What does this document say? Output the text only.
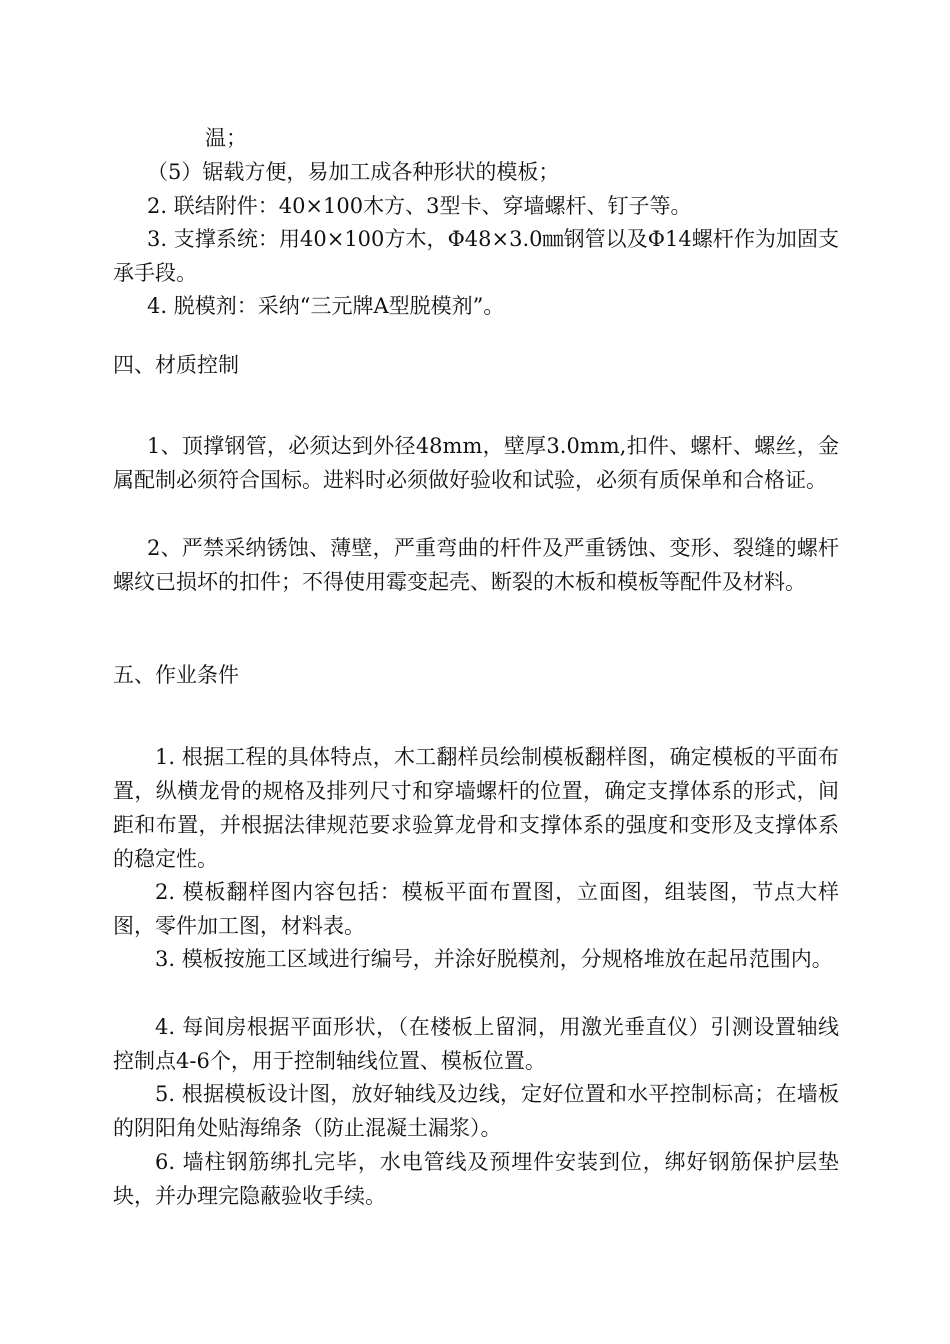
温；

（5）锯载方便，易加工成各种形状的模板；

2. 联结附件：40×100木方、3型卡、穿墙螺杆、钉子等。

3. 支撑系统：用40×100方木，Φ48×3.0㎜钢管以及Φ14螺杆作为加固支承手段。

4. 脱模剂：采纳“三元牌A型脱模剂”。

四、材质控制

1、顶撑钢管，必须达到外径48mm，壁厚3.0mm,扣件、螺杆、螺丝，金属配制必须符合国标。进料时必须做好验收和试验，必须有质保单和合格证。

2、严禁采纳锈蚀、薄壁，严重弯曲的杆件及严重锈蚀、变形、裂缝的螺杆螺纹已损坏的扣件；不得使用霉变起壳、断裂的木板和模板等配件及材料。

五、作业条件

1. 根据工程的具体特点，木工翻样员绘制模板翻样图，确定模板的平面布置，纵横龙骨的规格及排列尺寸和穿墙螺杆的位置，确定支撑体系的形式，间距和布置，并根据法律规范要求验算龙骨和支撑体系的强度和变形及支撑体系的稳定性。

2. 模板翻样图内容包括：模板平面布置图，立面图，组装图，节点大样图，零件加工图，材料表。

3. 模板按施工区域进行编号，并涂好脱模剂，分规格堆放在起吊范围内。

4. 每间房根据平面形状，（在楼板上留洞，用激光垂直仪）引测设置轴线控制点4-6个，用于控制轴线位置、模板位置。

5. 根据模板设计图，放好轴线及边线，定好位置和水平控制标高；在墙板的阴阳角处贴海绵条（防止混凝土漏浆）。

6. 墙柱钢筋绑扎完毕，水电管线及预埋件安装到位，绑好钢筋保护层垫块，并办理完隐蔽验收手续。
